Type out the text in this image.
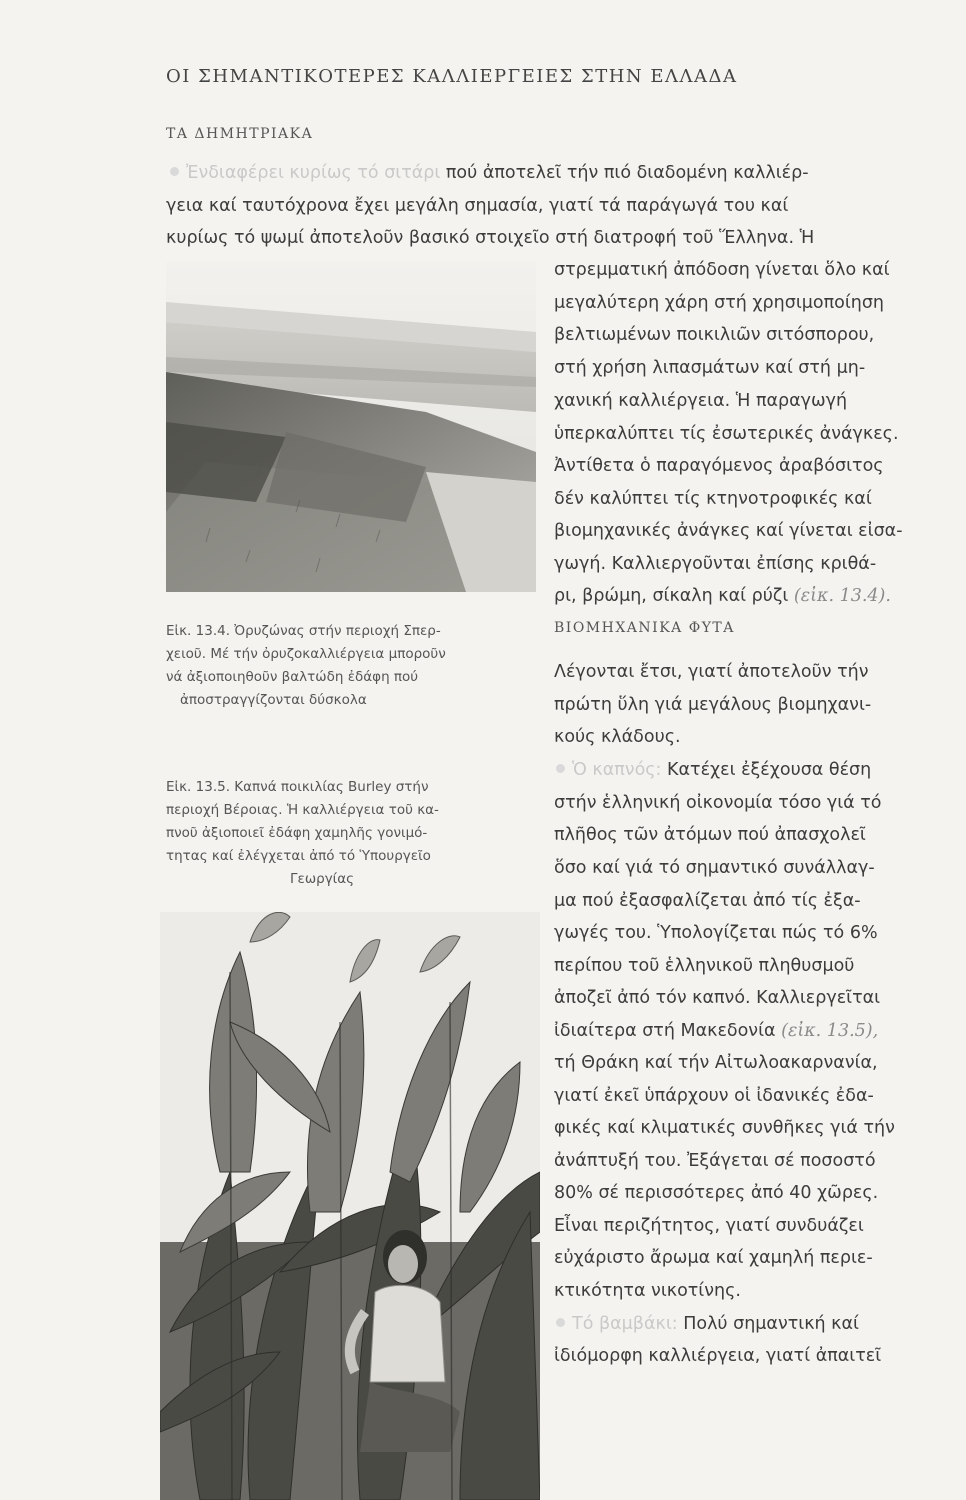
ΟΙ ΣΗΜΑΝΤΙΚΟΤΕΡΕΣ ΚΑΛΛΙΕΡΓΕΙΕΣ ΣΤΗΝ ΕΛΛΑΔΑ
ΤΑ ΔΗΜΗΤΡΙΑΚΑ
Ἐνδιαφέρει κυρίως τό σιτάρι πού ἀποτελεῖ τήν πιό διαδομένη καλλιέρ-
γεια καί ταυτόχρονα ἔχει μεγάλη σημασία, γιατί τά παράγωγά του καί
κυρίως τό ψωμί ἀποτελοῦν βασικό στοιχεῖο στή διατροφή τοῦ Ἕλληνα. Ἡ
στρεμματική ἀπόδοση γίνεται ὅλο καί
μεγαλύτερη χάρη στή χρησιμοποίηση
βελτιωμένων ποικιλιῶν σιτόσπορου,
στή χρήση λιπασμάτων καί στή μη-
χανική καλλιέργεια. Ἡ παραγωγή
ὑπερκαλύπτει τίς ἐσωτερικές ἀνάγκες.
Ἀντίθετα ὁ παραγόμενος ἀραβόσιτος
δέν καλύπτει τίς κτηνοτροφικές καί
βιομηχανικές ἀνάγκες καί γίνεται εἰσα-
γωγή. Καλλιεργοῦνται ἐπίσης κριθά-
ρι, βρώμη, σίκαλη καί ρύζι (εἰκ. 13.4).
Εἰκ. 13.4. Ὀρυζώνας στήν περιοχή Σπερ-
χειοῦ. Μέ τήν ὀρυζοκαλλιέργεια μποροῦν
νά ἀξιοποιηθοῦν βαλτώδη ἐδάφη πού
ἀποστραγγίζονται δύσκολα
Εἰκ. 13.5. Καπνά ποικιλίας Burley στήν
περιοχή Βέροιας. Ἡ καλλιέργεια τοῦ κα-
πνοῦ ἀξιοποιεῖ ἐδάφη χαμηλῆς γονιμό-
τητας καί ἐλέγχεται ἀπό τό Ὑπουργεῖο
Γεωργίας
ΒΙΟΜΗΧΑΝΙΚΑ ΦΥΤΑ
Λέγονται ἔτσι, γιατί ἀποτελοῦν τήν
πρώτη ὕλη γιά μεγάλους βιομηχανι-
κούς κλάδους.
Ὁ καπνός: Κατέχει ἐξέχουσα θέση
στήν ἑλληνική οἰκονομία τόσο γιά τό
πλῆθος τῶν ἀτόμων πού ἀπασχολεῖ
ὅσο καί γιά τό σημαντικό συνάλλαγ-
μα πού ἐξασφαλίζεται ἀπό τίς ἐξα-
γωγές του. Ὑπολογίζεται πώς τό 6%
περίπου τοῦ ἑλληνικοῦ πληθυσμοῦ
ἀποζεῖ ἀπό τόν καπνό. Καλλιεργεῖται
ἰδιαίτερα στή Μακεδονία (εἰκ. 13.5),
τή Θράκη καί τήν Αἰτωλοακαρνανία,
γιατί ἐκεῖ ὑπάρχουν οἱ ἰδανικές ἐδα-
φικές καί κλιματικές συνθῆκες γιά τήν
ἀνάπτυξή του. Ἐξάγεται σέ ποσοστό
80% σέ περισσότερες ἀπό 40 χῶρες.
Εἶναι περιζήτητος, γιατί συνδυάζει
εὐχάριστο ἄρωμα καί χαμηλή περιε-
κτικότητα νικοτίνης.
Τό βαμβάκι: Πολύ σημαντική καί
ἰδιόμορφη καλλιέργεια, γιατί ἀπαιτεῖ
